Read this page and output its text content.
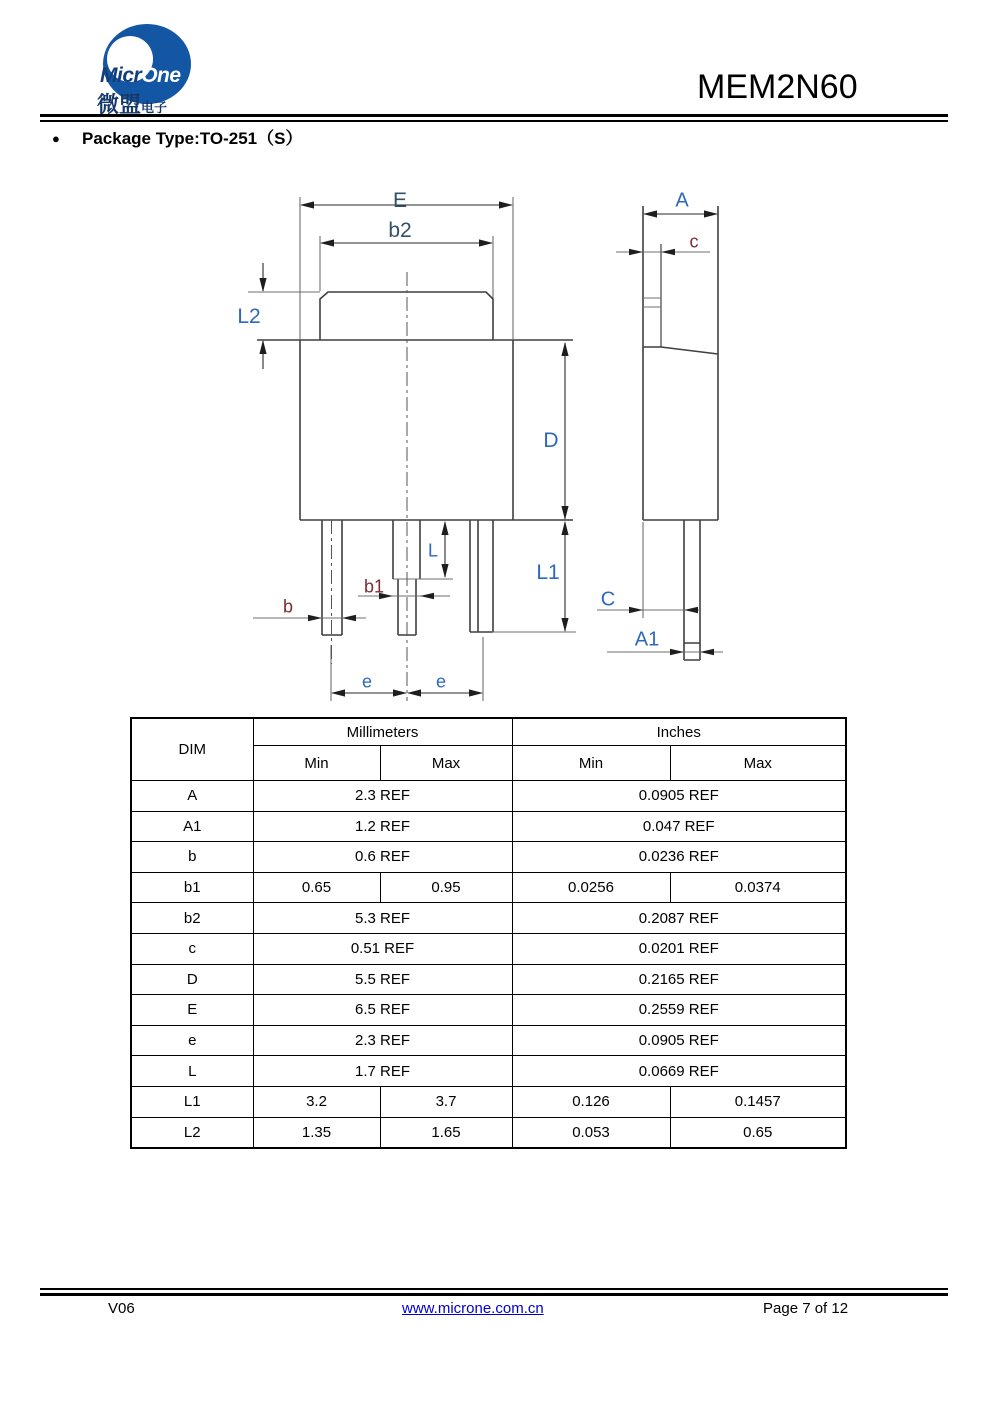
MicrOne
微盟电子
MEM2N60
● Package Type:TO-251（S）
E
b2
L2
D
L1
L
b1
b
e	e
A
c
C
A1
DIM	Millimeters		Inches	
	Min	Max	Min	Max
A	2.3 REF		0.0905 REF	
A1	1.2 REF		0.047 REF	
b	0.6 REF		0.0236 REF	
b1	0.65	0.95	0.0256	0.0374
b2	5.3 REF		0.2087 REF	
c	0.51 REF		0.0201 REF	
D	5.5 REF		0.2165 REF	
E	6.5 REF		0.2559 REF	
e	2.3 REF		0.0905 REF	
L	1.7 REF		0.0669 REF	
L1	3.2	3.7	0.126	0.1457
L2	1.35	1.65	0.053	0.65
V06	www.microne.com.cn	Page 7 of 12
